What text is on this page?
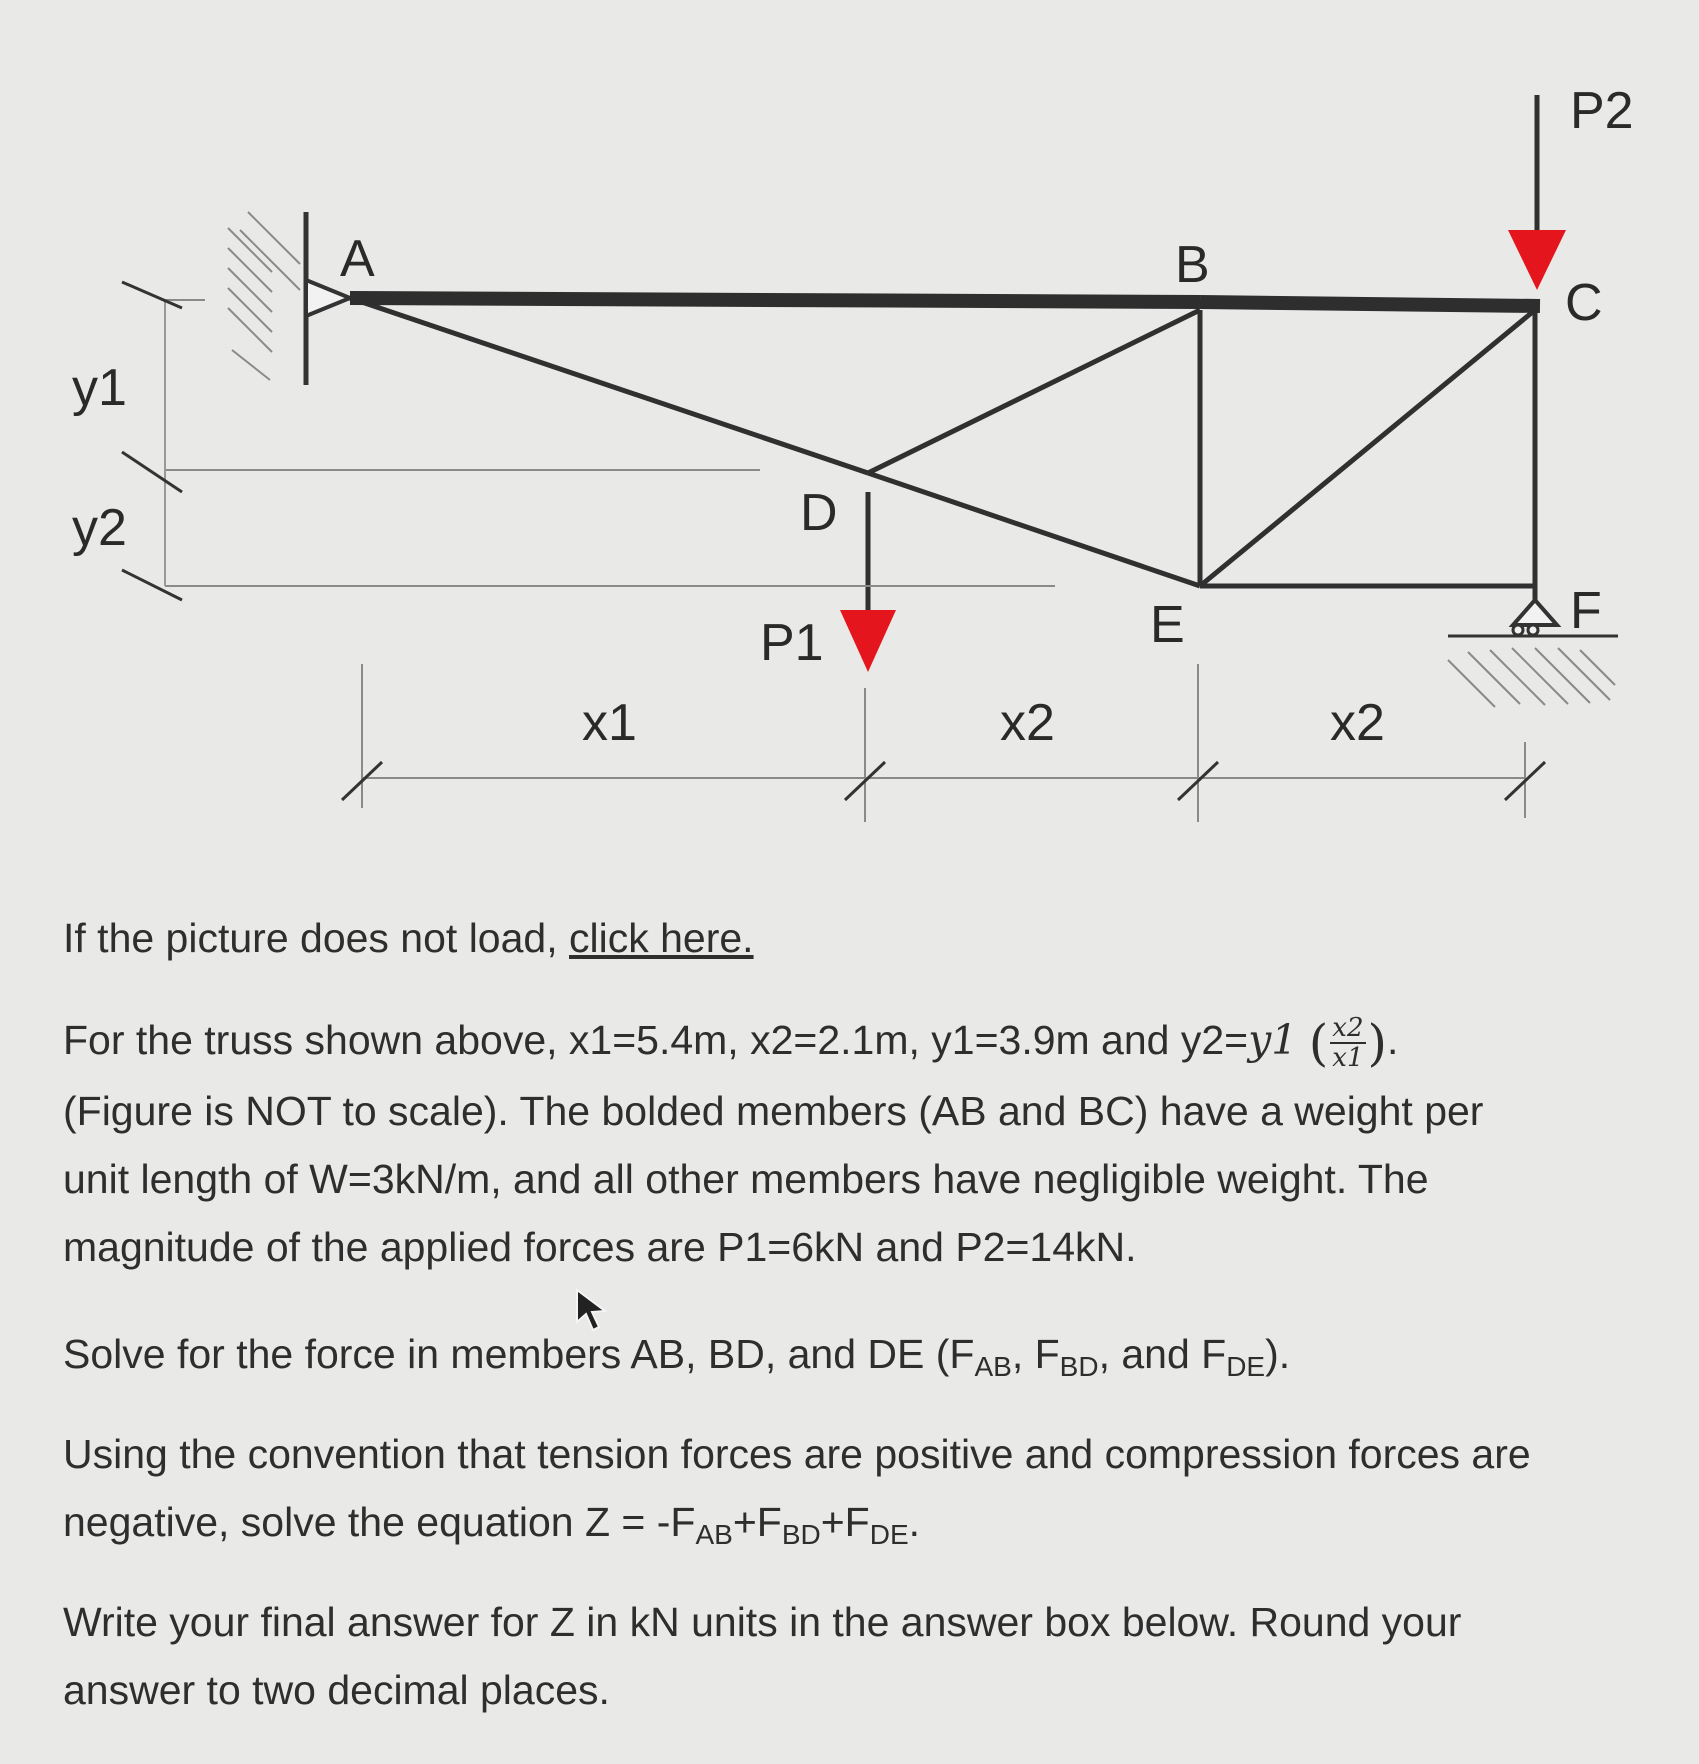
A	B
C
D
E	F
P1
P2
x1	x2	x2
y1
y2
If the picture does not load, click here.
For the truss shown above, x1=5.4m, x2=2.1m, y1=3.9m and y2=y1 ( $\frac{x2}{x1}$ ).
(Figure is NOT to scale). The bolded members (AB and BC) have a weight per
unit length of W=3kN/m, and all other members have negligible weight. The
magnitude of the applied forces are P1=6kN and P2=14kN.
Solve for the force in members AB, BD, and DE ($F_{AB}$, $F_{BD}$, and $F_{DE}$).
Using the convention that tension forces are positive and compression forces are
negative, solve the equation $Z = -F_{AB}+F_{BD}+F_{DE}$.
Write your final answer for Z in kN units in the answer box below. Round your
answer to two decimal places.
